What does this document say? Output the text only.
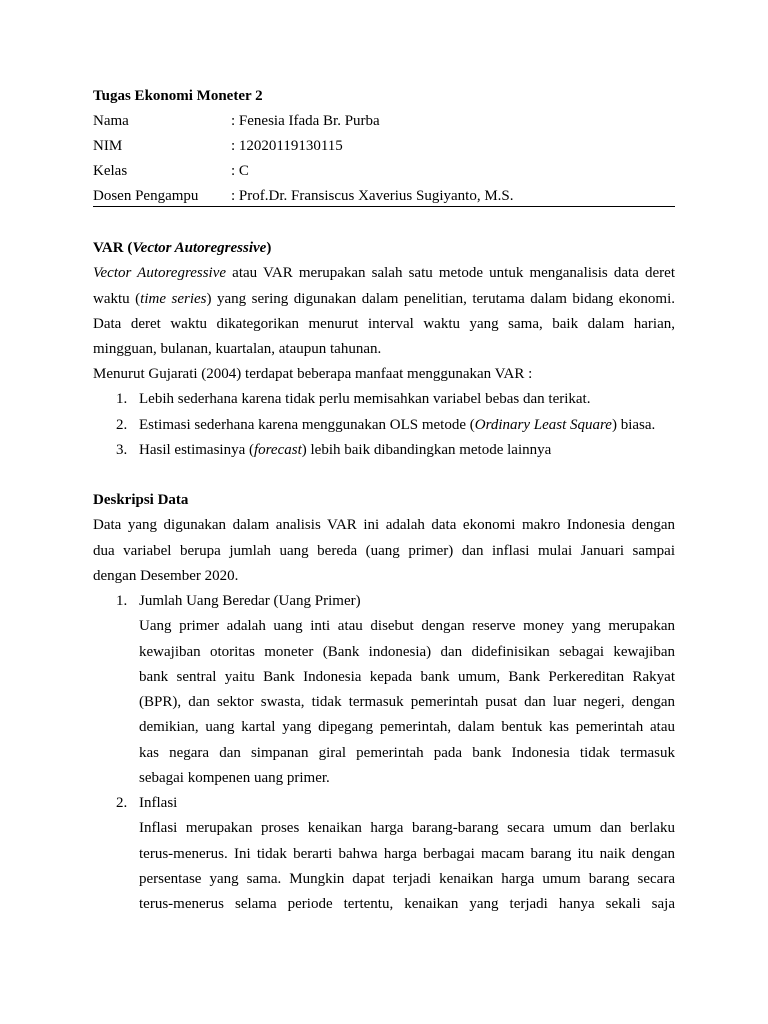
Tugas Ekonomi Moneter 2
Nama	: Fenesia Ifada Br. Purba
NIM	: 12020119130115
Kelas	: C
Dosen Pengampu : Prof.Dr. Fransiscus Xaverius Sugiyanto, M.S.
VAR (Vector Autoregressive)
Vector Autoregressive atau VAR merupakan salah satu metode untuk menganalisis data deret
waktu (time series) yang sering digunakan dalam penelitian, terutama dalam bidang ekonomi.
Data deret waktu dikategorikan menurut interval waktu yang sama, baik dalam harian,
mingguan, bulanan, kuartalan, ataupun tahunan.
Menurut Gujarati (2004) terdapat beberapa manfaat menggunakan VAR :
1. Lebih sederhana karena tidak perlu memisahkan variabel bebas dan terikat.
2. Estimasi sederhana karena menggunakan OLS metode (Ordinary Least Square) biasa.
3. Hasil estimasinya (forecast) lebih baik dibandingkan metode lainnya
Deskripsi Data
Data yang digunakan dalam analisis VAR ini adalah data ekonomi makro Indonesia dengan
dua variabel berupa jumlah uang bereda (uang primer) dan inflasi mulai Januari sampai
dengan Desember 2020.
1. Jumlah Uang Beredar (Uang Primer)
Uang primer adalah uang inti atau disebut dengan reserve money yang merupakan
kewajiban otoritas moneter (Bank indonesia) dan didefinisikan sebagai kewajiban
bank sentral yaitu Bank Indonesia kepada bank umum, Bank Perkereditan Rakyat
(BPR), dan sektor swasta, tidak termasuk pemerintah pusat dan luar negeri, dengan
demikian, uang kartal yang dipegang pemerintah, dalam bentuk kas pemerintah atau
kas negara dan simpanan giral pemerintah pada bank Indonesia tidak termasuk
sebagai kompenen uang primer.
2. Inflasi
Inflasi merupakan proses kenaikan harga barang-barang secara umum dan berlaku
terus-menerus. Ini tidak berarti bahwa harga berbagai macam barang itu naik dengan
persentase yang sama. Mungkin dapat terjadi kenaikan harga umum barang secara
terus-menerus selama periode tertentu, kenaikan yang terjadi hanya sekali saja
